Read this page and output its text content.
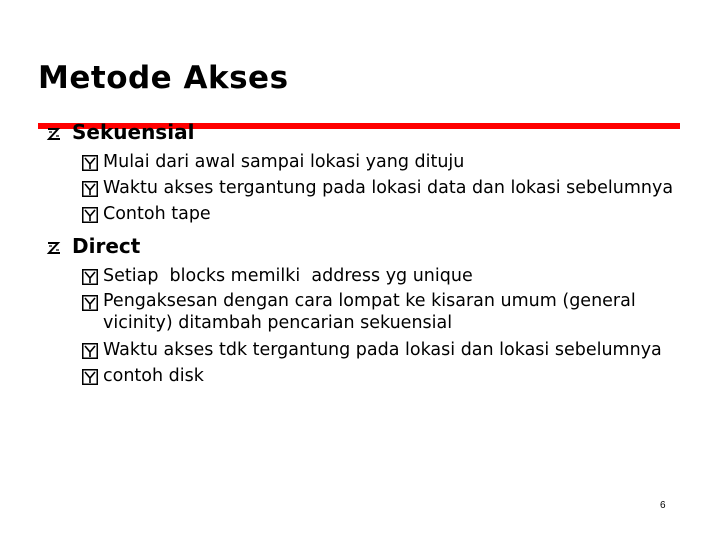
Metode Akses
Sekuensial
Mulai dari awal sampai lokasi yang dituju
Waktu akses tergantung pada lokasi data dan lokasi sebelumnya
Contoh tape
Direct
Setiap  blocks memilki  address yg unique
Pengaksesan dengan cara lompat ke kisaran umum (general vicinity) ditambah pencarian sekuensial
Waktu akses tdk tergantung pada lokasi dan lokasi sebelumnya
contoh disk
6
